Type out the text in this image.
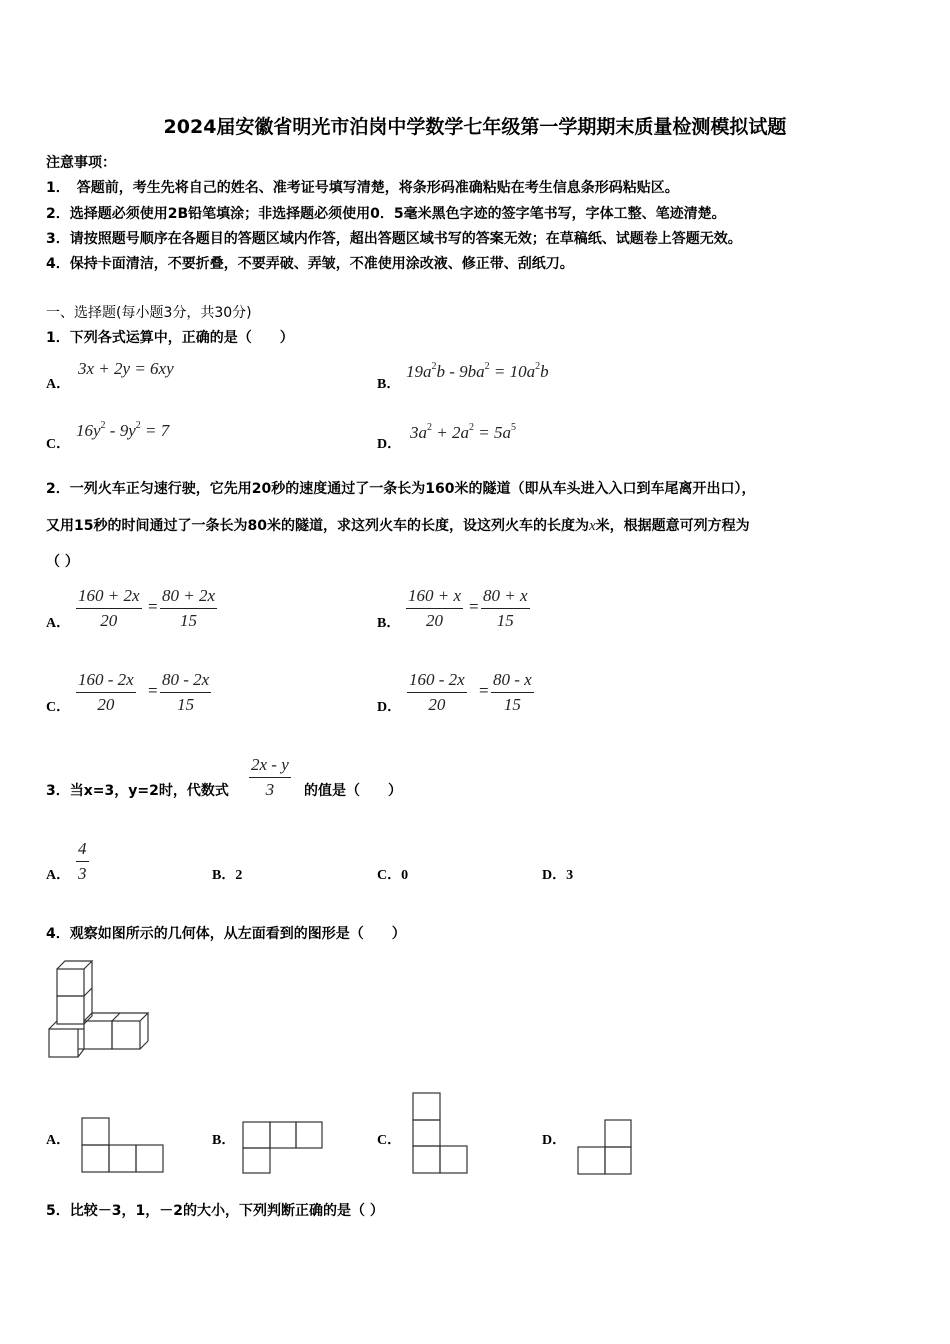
2024届安徽省明光市泊岗中学数学七年级第一学期期末质量检测模拟试题
注意事项：
1．　答题前，考生先将自己的姓名、准考证号填写清楚，将条形码准确粘贴在考生信息条形码粘贴区。
2．选择题必须使用2B铅笔填涂；非选择题必须使用0．5毫米黑色字迹的签字笔书写，字体工整、笔迹清楚。
3．请按照题号顺序在各题目的答题区域内作答，超出答题区域书写的答案无效；在草稿纸、试题卷上答题无效。
4．保持卡面清洁，不要折叠，不要弄破、弄皱，不准使用涂改液、修正带、刮纸刀。
一、选择题(每小题3分，共30分)
1．下列各式运算中，正确的是（　　）
A．
3x + 2y = 6xy
B．
$19a^2b - 9ba^2 = 10a^2b$
C．
$16y^2 - 9y^2 = 7$
D．
$3a^2 + 2a^2 = 5a^5$
2．一列火车正匀速行驶，它先用20秒的速度通过了一条长为160米的隧道（即从车头进入入口到车尾离开出口），
又用15秒的时间通过了一条长为80米的隧道，求这列火车的长度，设这列火车的长度为x米，根据题意可列方程为
（ ）
A． $\frac{160 + 2x}{20} = \frac{80 + 2x}{15}$	B． $\frac{160 + x}{20} = \frac{80 + x}{15}$
C． $\frac{160 - 2x}{20} = \frac{80 - 2x}{15}$	D． $\frac{160 - 2x}{20} = \frac{80 - x}{15}$
3．当x=3，y=2时，代数式 $\frac{2x - y}{3}$ 的值是（　　）
A． $\frac{4}{3}$	B．2	C．0	D．3
4．观察如图所示的几何体，从左面看到的图形是（　　）
A．	B．	C．	D．
5．比较－3，1，－2的大小，下列判断正确的是（ ）
